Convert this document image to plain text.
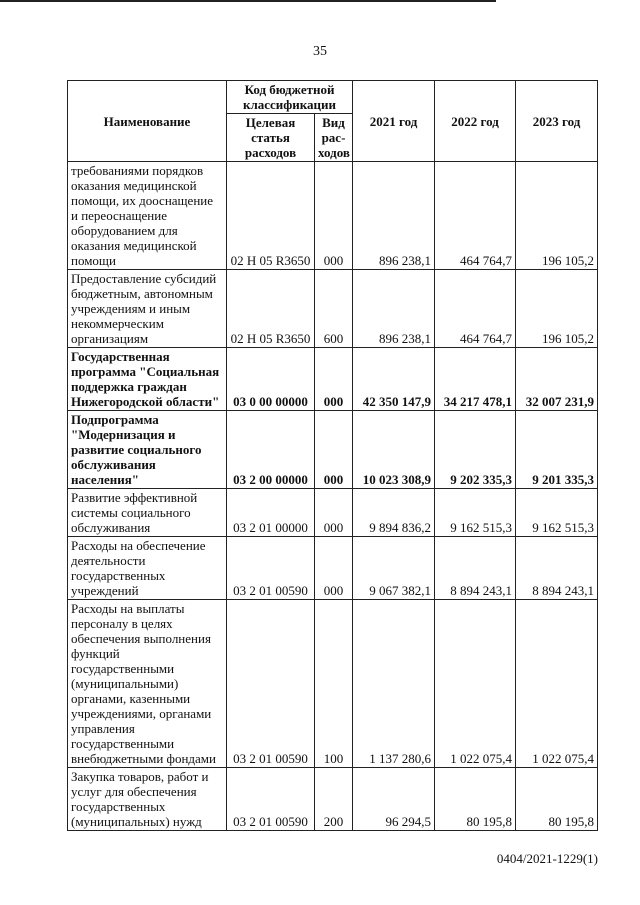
35
Наименование	Код бюджетной классификации		2021 год	2022 год	2023 год
	Целевая статья расходов	Вид рас-ходов			
требованиями порядков оказания медицинской помощи, их дооснащение и переоснащение оборудованием для оказания медицинской помощи	02 Н 05 R3650	000	896 238,1	464 764,7	196 105,2
Предоставление субсидий бюджетным, автономным учреждениям и иным некоммерческим организациям	02 Н 05 R3650	600	896 238,1	464 764,7	196 105,2
Государственная программа "Социальная поддержка граждан Нижегородской области"	03 0 00 00000	000	42 350 147,9	34 217 478,1	32 007 231,9
Подпрограмма "Модернизация и развитие социального обслуживания населения"	03 2 00 00000	000	10 023 308,9	9 202 335,3	9 201 335,3
Развитие эффективной системы социального обслуживания	03 2 01 00000	000	9 894 836,2	9 162 515,3	9 162 515,3
Расходы на обеспечение деятельности государственных учреждений	03 2 01 00590	000	9 067 382,1	8 894 243,1	8 894 243,1
Расходы на выплаты персоналу в целях обеспечения выполнения функций государственными (муниципальными) органами, казенными учреждениями, органами управления государственными внебюджетными фондами	03 2 01 00590	100	1 137 280,6	1 022 075,4	1 022 075,4
Закупка товаров, работ и услуг для обеспечения государственных (муниципальных) нужд	03 2 01 00590	200	96 294,5	80 195,8	80 195,8
0404/2021-1229(1)
